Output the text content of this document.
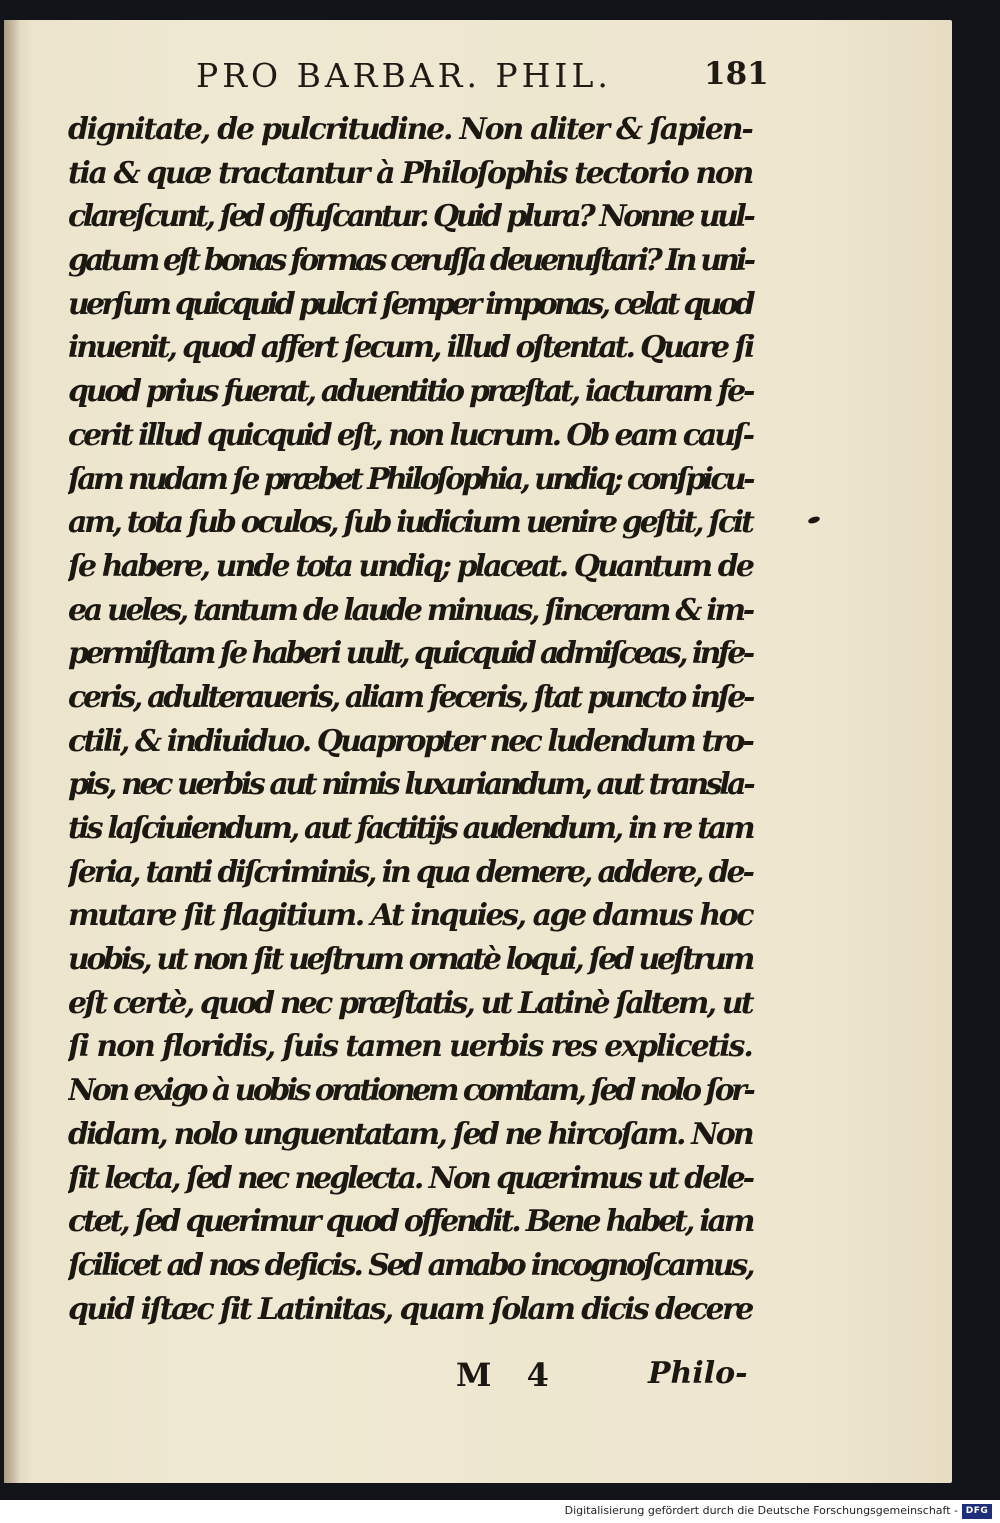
PRO BARBAR. PHIL.	181
dignitate, de pulcritudine. Non aliter & ſapien-
tia & quæ tractantur à Philoſophis tectorio non
clareſcunt, ſed offuſcantur. Quid plura? Nonne uul-
gatum eſt bonas formas ceruſſa deuenuſtari? In uni-
uerſum quicquid pulcri ſemper imponas, celat quod
inuenit, quod affert ſecum, illud oſtentat. Quare ſi
quod prius fuerat, aduentitio præſtat, iacturam fe-
cerit illud quicquid eſt, non lucrum. Ob eam cauſ-
ſam nudam ſe præbet Philoſophia, undiq; conſpicu-
am, tota ſub oculos, ſub iudicium uenire geſtit, ſcit
ſe habere, unde tota undiq; placeat. Quantum de
ea ueles, tantum de laude minuas, ſinceram & im-
permiſtam ſe haberi uult, quicquid admiſceas, infe-
ceris, adulteraueris, aliam feceris, ſtat puncto inſe-
ctili, & indiuiduo. Quapropter nec ludendum tro-
pis, nec uerbis aut nimis luxuriandum, aut transla-
tis laſciuiendum, aut factitijs audendum, in re tam
ſeria, tanti diſcriminis, in qua demere, addere, de-
mutare ſit flagitium. At inquies, age damus hoc
uobis, ut non ſit ueſtrum ornatè loqui, ſed ueſtrum
eſt certè, quod nec præſtatis, ut Latinè ſaltem, ut
ſi non floridis, ſuis tamen uerbis res explicetis.
Non exigo à uobis orationem comtam, ſed nolo ſor-
didam, nolo unguentatam, ſed ne hircoſam. Non
ſit lecta, ſed nec neglecta. Non quærimus ut dele-
ctet, ſed querimur quod offendit. Bene habet, iam
ſcilicet ad nos deficis. Sed amabo incognoſcamus,
quid iſtæc ſit Latinitas, quam ſolam dicis decere
M 4	Philo-
Digitalisierung gefördert durch die Deutsche Forschungsgemeinschaft - DFG
